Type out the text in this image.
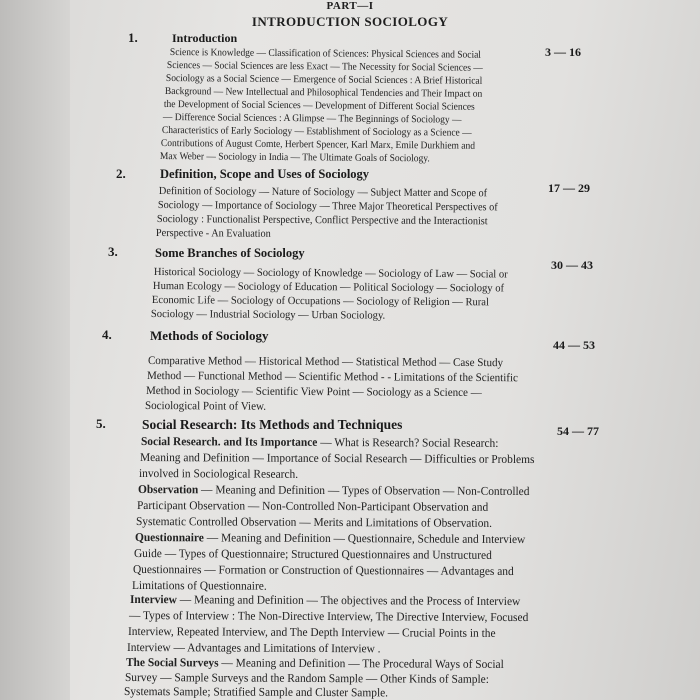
PART—I
INTRODUCTION SOCIOLOGY
1.	Introduction
3 — 16
Science is Knowledge — Classification of Sciences: Physical Sciences and Social
Sciences — Social Sciences are less Exact — The Necessity for Social Sciences —
Sociology as a Social Science — Emergence of Social Sciences : A Brief Historical
Background — New Intellectual and Philosophical Tendencies and Their Impact on
the Development of Social Sciences — Development of Different Social Sciences
— Difference Social Sciences : A Glimpse — The Beginnings of Sociology —
Characteristics of Early Sociology — Establishment of Sociology as a Science —
Contributions of August Comte, Herbert Spencer, Karl Marx, Emile Durkhiem and
Max Weber — Sociology in India — The Ultimate Goals of Sociology.
2.	Definition, Scope and Uses of Sociology
17 — 29
Definition of Sociology — Nature of Sociology — Subject Matter and Scope of
Sociology — Importance of Sociology — Three Major Theoretical Perspectives of
Sociology : Functionalist Perspective, Conflict Perspective and the Interactionist
Perspective - An Evaluation
3.	Some Branches of Sociology
30 — 43
Historical Sociology — Sociology of Knowledge — Sociology of Law — Social or
Human Ecology — Sociology of Education — Political Sociology — Sociology of
Economic Life — Sociology of Occupations — Sociology of Religion — Rural
Sociology — Industrial Sociology — Urban Sociology.
4.	Methods of Sociology
44 — 53
Comparative Method — Historical Method — Statistical Method — Case Study
Method — Functional Method — Scientific Method - - Limitations of the Scientific
Method in Sociology — Scientific View Point — Sociology as a Science —
Sociological Point of View.
5.	Social Research: Its Methods and Techniques	54 — 77
Social Research. and Its Importance — What is Research? Social Research:
Meaning and Definition — Importance of Social Research — Difficulties or Problems
involved in Sociological Research.
Observation — Meaning and Definition — Types of Observation — Non-Controlled
Participant Observation — Non-Controlled Non-Participant Observation and
Systematic Controlled Observation — Merits and Limitations of Observation.
Questionnaire — Meaning and Definition — Questionnaire, Schedule and Interview
Guide — Types of Questionnaire; Structured Questionnaires and Unstructured
Questionnaires — Formation or Construction of Questionnaires — Advantages and
Limitations of Questionnaire.
Interview — Meaning and Definition — The objectives and the Process of Interview
— Types of Interview : The Non-Directive Interview, The Directive Interview, Focused
Interview, Repeated Interview, and The Depth Interview — Crucial Points in the
Interview — Advantages and Limitations of Interview .
The Social Surveys — Meaning and Definition — The Procedural Ways of Social
Survey — Sample Surveys and the Random Sample — Other Kinds of Sample:
Systemats Sample; Stratified Sample and Cluster Sample.
